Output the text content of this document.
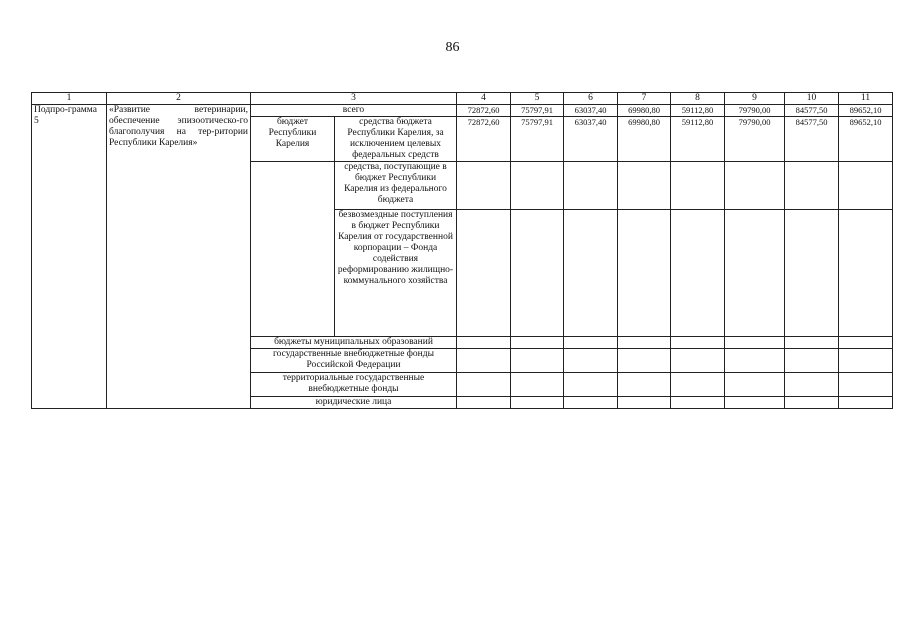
86
1	2	3		4	5	6	7	8	9	10	11
Подпро-грамма 5	«Развитие ветеринарии, обеспечение эпизоотическо-го благополучия на тер-ритории Республики Карелия»	всего		72872,60	75797,91	63037,40	69980,80	59112,80	79790,00	84577,50	89652,10
		бюджет Республики Карелия	средства бюджета Республики Карелия, за исключением целевых федеральных средств	72872,60	75797,91	63037,40	69980,80	59112,80	79790,00	84577,50	89652,10
			средства, поступающие в бюджет Республики Карелия из федерального бюджета								
			безвозмездные поступления в бюджет Республики Карелия от государственной корпорации – Фонда содействия реформированию жилищно-коммунального хозяйства								
		бюджеты муниципальных образований									
		государственные внебюджетные фонды Российской Федерации									
		территориальные государственные внебюджетные фонды									
		юридические лица									
